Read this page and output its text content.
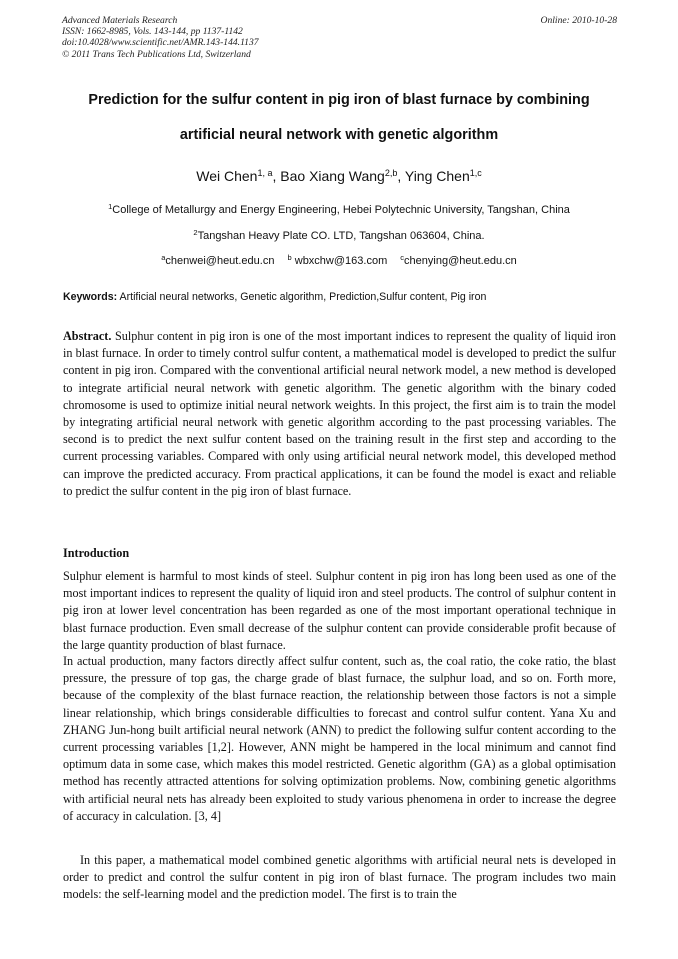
Advanced Materials Research
ISSN: 1662-8985, Vols. 143-144, pp 1137-1142
doi:10.4028/www.scientific.net/AMR.143-144.1137
© 2011 Trans Tech Publications Ltd, Switzerland
Online: 2010-10-28
Prediction for the sulfur content in pig iron of blast furnace by combining
artificial neural network with genetic algorithm
Wei Chen$^{1, a}$, Bao Xiang Wang$^{2,b}$, Ying Chen$^{1,c}$
$^1$College of Metallurgy and Energy Engineering, Hebei Polytechnic University, Tangshan, China
$^2$Tangshan Heavy Plate CO. LTD, Tangshan 063604, China.
$^a$chenwei@heut.edu.cn $^b$ wbxchw@163.com $^c$chenying@heut.edu.cn
Keywords: Artificial neural networks, Genetic algorithm, Prediction,Sulfur content, Pig iron
Abstract. Sulphur content in pig iron is one of the most important indices to represent the quality of liquid iron in blast furnace. In order to timely control sulfur content, a mathematical model is developed to predict the sulfur content in pig iron. Compared with the conventional artificial neural network model, a new method is developed to integrate artificial neural network with genetic algorithm. The genetic algorithm with the binary coded chromosome is used to optimize initial neural network weights. In this project, the first aim is to train the model by integrating artificial neural network with genetic algorithm according to the past processing variables. The second is to predict the next sulfur content based on the training result in the first step and according to the current processing variables. Compared with only using artificial neural network model, this developed method can improve the predicted accuracy. From practical applications, it can be found the model is exact and reliable to predict the sulfur content in the pig iron of blast furnace.
Introduction
Sulphur element is harmful to most kinds of steel. Sulphur content in pig iron has long been used as one of the most important indices to represent the quality of liquid iron and steel products. The control of sulphur content in pig iron at lower level concentration has been regarded as one of the most important operational technique in blast furnace production. Even small decrease of the sulphur content can provide considerable profit because of the large quantity production of blast furnace.
In actual production, many factors directly affect sulfur content, such as, the coal ratio, the coke ratio, the blast pressure, the pressure of top gas, the charge grade of blast furnace, the sulphur load, and so on. Forth more, because of the complexity of the blast furnace reaction, the relationship between those factors is not a simple linear relationship, which brings considerable difficulties to forecast and control sulfur content. Yana Xu and ZHANG Jun-hong built artificial neural network (ANN) to predict the following sulfur content according to the current processing variables [1,2]. However, ANN might be hampered in the local minimum and cannot find optimum data in some case, which makes this model restricted. Genetic algorithm (GA) as a global optimisation method has recently attracted attentions for solving optimization problems. Now, combining genetic algorithms with artificial neural nets has already been exploited to study various phenomena in order to increase the degree of accuracy in calculation. [3, 4]
In this paper, a mathematical model combined genetic algorithms with artificial neural nets is developed in order to predict and control the sulfur content in pig iron of blast furnace. The program includes two main models: the self-learning model and the prediction model. The first is to train the
